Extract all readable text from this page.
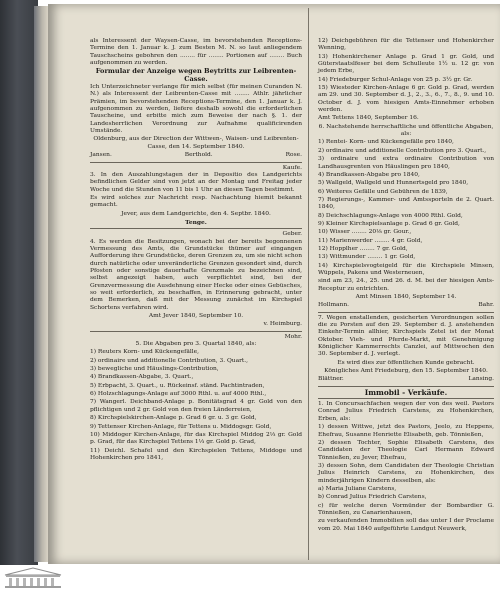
als Interessent der Waysen-Casse, im bevorstehenden Receptions-Termine den 1. Januar k. J. zum Besten M. N. so laut anliegendem Tauschscheins gebohren den ........ für ........ Portionen auf ........ Buch aufgenommen zu werden.

Formular der Anzeige wegen Beytritts zur Leibrenten-Casse.

Ich Unterzeichneter verlange für mich selbst (für meinen Curanden N. N.) als Interessent der Leibrenten-Casse mit ........ Athlr. jährlicher Prämien, im bevorstehenden Receptions-Termine, den 1. Januar k. J. aufgenommen zu werden, liefere deshalb sowohl die erforderlichen Tauscheine, und erbitte mich zum Beweise der nach §. 1. der Landesherrlichen Verordnung zur Aufnahme qualificirenden Umstände.

Oldenburg, aus der Direction der Wittwen-, Waisen- und Leibrenten-Casse, den 14. September 1840.

Jansen.	Berthold.	Rose.
Kaufe.

3. In den Auszahlungstagen der in Depositio des Landgerichts befindlichen Gelder sind von jetzt an der Montag und Freitag jeder Woche und die Stunden von 11 bis 1 Uhr an diesen Tagen bestimmt.

Es wird solches zur Nachricht resp. Nachachtung hiemit bekannt gemacht.

Jever, aus dem Landgerichte, den 4. Septbr. 1840.

Tenge.
Geber.

4. Es werden die Besitzungen, wonach bei der bereits begonnenen Vermessung des Amts, die Grundstücke thümer auf eingangen Aufforderung ihre Grundstücke, deren Grenzen zu, um sie nicht schon durch natürliche oder unveränderliche Grenzen gesondert sind, durch Pfosten oder sonstige dauerhafte Grenzmale zu bezeichnen sind, selbst angezeigt haben, auch verpflichtet sind, bei der Grenzvermessung die Ausdehnung einer Hecke oder eines Gebüsches, so weit erforderlich, zu beschaffen, in Erinnerung gebracht, unter dem Bemerken, daß mit der Messung zunächst im Kirchspiel Schortens verfahren wird.

Amt Jever 1840, September 10.

v. Heimburg.
Mohr.

5. Die Abgaben pro 3. Quartal 1840, als:

1) Reuters Korn- und Kückengefälle,

2) ordinaire und additionelle Contribution, 3. Quart.,

3) bewegliche und Häuslings-Contribution,

4) Brandkassen-Abgabe, 3. Quart.,

5) Erbpacht, 3. Quart., u. Rückeinsf. ständ. Pachtintraden,

6) Holzschlagungs-Anlage auf 3000 Rthl. u. auf 4000 Rthl.,

7) Wangerl. Deichband-Anlage p. Bonitätsgrad 4 gr. Gold von den pflichtigen und 2 gr. Gold von den freien Länderreien,

8) Kirchspielskirchen-Anlage p. Grad 6 gr. u. 3 gr. Gold,

9) Tettenser Kirchen-Anlage, für Tettens u. Middogsgr. Gold,

10) Middoger Kirchen-Anlage, für das Kirchspiel Middog 2⅓ gr. Gold p. Grad, für das Kirchspiel Tettens 1⅓ gr. Gold p. Grad,

11) Deichl. Schafel und den Kirchspielen Tettens, Middoge und Hohenkirchen pro 1841,

12) Deichgebühren für die Tettenser und Hohenkircher Wenning,

13) Hohenkirchener Anlage p. Grad 1 gr. Gold, und Güterstaatslfeser bei dem Schulleute 1½ u. 12 gr. von jedem Erbe,

14) Friedeburger Schul-Anlage von 25 p. 3½ gr. Gr.

15) Wiesteder Kirchen-Anlage 6 gr. Gold p. Grad, werden am 29. und 30. September d. J., 2., 3., 6., 7., 8., 9. und 10. October d. J. vom hiesigen Amts-Einnehmer erhoben werden.

Amt Tettens 1840, September 16.

6. Nachstehende herrschaftliche und öffentliche Abgaben, als:

1) Rentei- Korn- und Kückengefälle pro 1840,

2) ordinaire und additionelle Contribution pro 3. Quart.,

3) ordinaire und extra ordinaire Contribution von Landhausgrenten von Häuslingen pro 1840,

4) Brandkassen-Abgabe pro 1840,

5) Wallgeld, Wallgeld und Hunnertsgeld pro 1840,

6) Weiteres Gefälle und Gebühren de 1839,

7) Regierungs-, Kammer- und Amtssporteln de 2. Quart. 1840,

8) Deichschlagungs-Anlage von 4000 Rthl. Gold,

9) Kleiner Kirchspielsanlage p. Grad 6 gr. Gold,

10) Wisser ........ 20⅛ gr. Gour.,

11) Marienwerder ........ 4 gr. Gold,

12) Hopplher ........ 7 gr. Gold,

13) Wittmunder ........ 1 gr. Gold,

14) Kirchspielsvogteigeld für die Kirchspiele Minsen, Wüppels, Pakens und Westerneuen,

sind am 23, 24., 25. und 26. d. M. bei der hiesigen Amts-Receptur zu entrichten.

Amt Minsen 1840, September 14.

Hollmann.	Bahr.

7. Wegen enstallenden, gesicherten Verordnungen sollen die zu Porsten auf den 29. September d. J. anstehenden Einkehr-Termin allhier, Kirchspiels Zetel ist der Monat Oktober. Vieh- und Pferde-Markt, mit Genehmigung Königlicher Kammerrechts Canzlei, auf Mittwochen den 30. September d. J. verlegt.

Es wird dies zur öffentlichen Kunde gebracht.

Königliches Amt Friedeburg, den 15. September 1840.

Blättner.	Lansing.
Immobil - Verkäufe.

1. In Concursachfachen wegen der von des weil. Pastors Conrad Julius Friedrich Carstens, zu Hohenkirchen, Erben, als:

1) dessen Wittwe, jetzt des Pastors, Jeelo, zu Heppens, Ehefrau, Susanne Henriette Elisabeth, geb. Tönnießen,

2) dessen Tochter, Sophie Elisabeth Carstens, des Candidaten der Theologie Carl Hermann Edward Tönnießen, zu Jever, Ehefrau,

3) dessen Sohn, dem Candidaten der Theologie Christian Julius Heinrich Carstens, zu Hohenkirchen, des minderjährigen Kindern desselben, als:

a) Maria Juliane Carstens,

b) Conrad Julius Friedrich Carstens,

c) für welche deren Vormünder der Bombardier G. Tönnießen, zu Canarienhausen,

zu verkaufenden Immobilien soll das unter I der Proclame vom 20. Mai 1840 aufgeführte Landgut Neuwerk,
